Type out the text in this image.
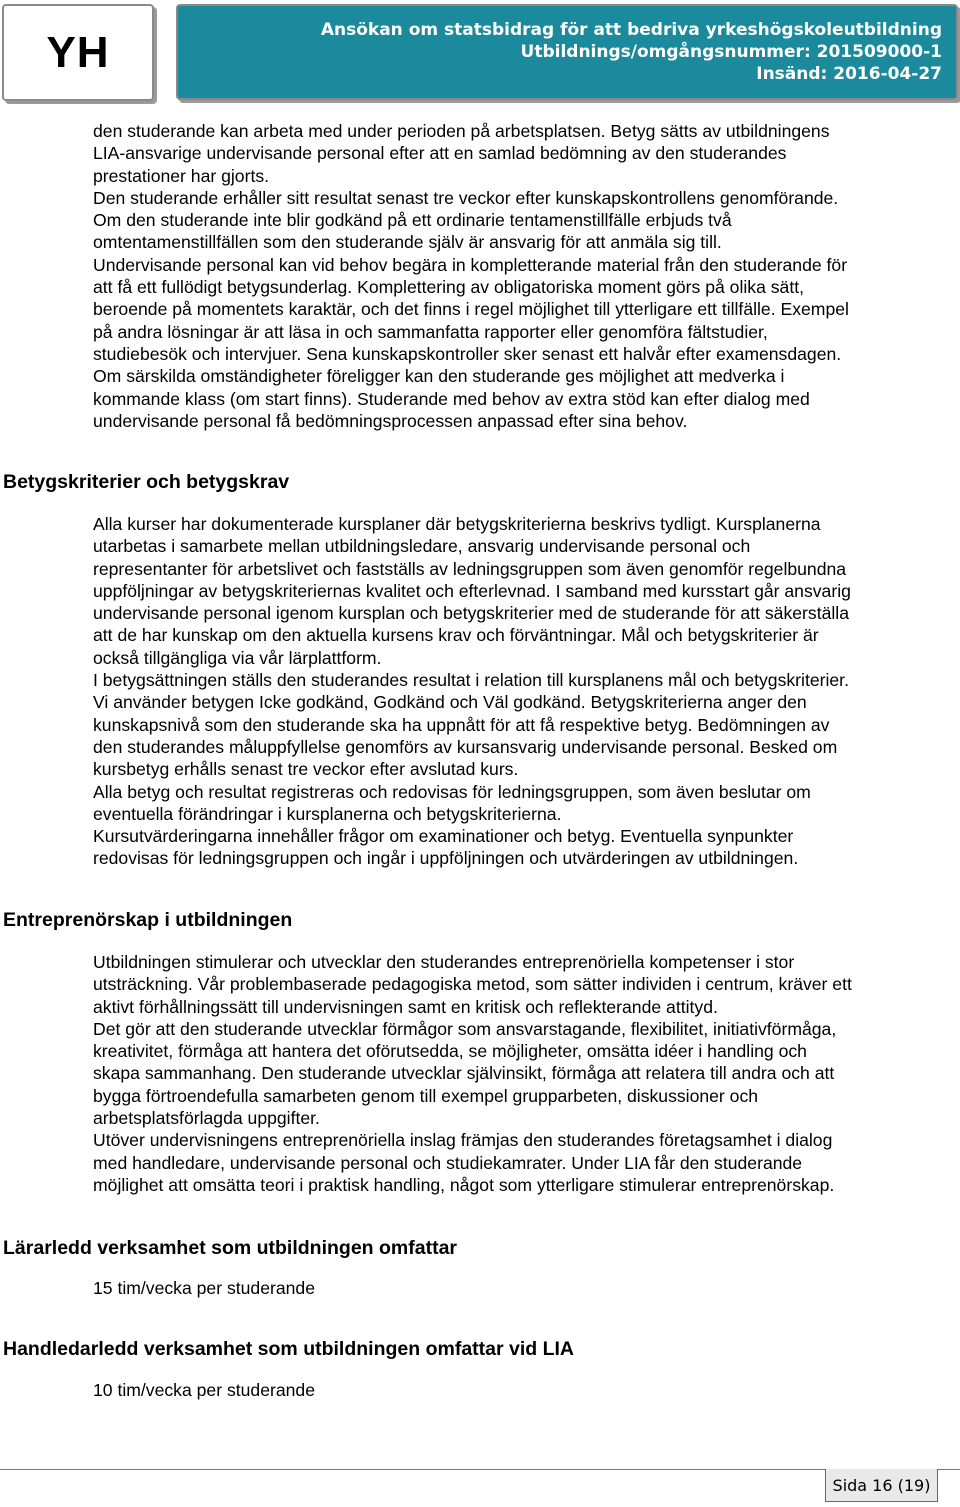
YH	Ansökan om statsbidrag för att bedriva yrkeshögskoleutbildning
Utbildnings/omgångsnummer: 201509000-1
Insänd: 2016-04-27

den studerande kan arbeta med under perioden på arbetsplatsen. Betyg sätts av utbildningens

LIA-ansvarige undervisande personal efter att en samlad bedömning av den studerandes

prestationer har gjorts.

Den studerande erhåller sitt resultat senast tre veckor efter kunskapskontrollens genomförande.

Om den studerande inte blir godkänd på ett ordinarie tentamenstillfälle erbjuds två

omtentamenstillfällen som den studerande själv är ansvarig för att anmäla sig till.

Undervisande personal kan vid behov begära in kompletterande material från den studerande för

att få ett fullödigt betygsunderlag. Komplettering av obligatoriska moment görs på olika sätt,

beroende på momentets karaktär, och det finns i regel möjlighet till ytterligare ett tillfälle. Exempel

på andra lösningar är att läsa in och sammanfatta rapporter eller genomföra fältstudier,

studiebesök och intervjuer. Sena kunskapskontroller sker senast ett halvår efter examensdagen.

Om särskilda omständigheter föreligger kan den studerande ges möjlighet att medverka i

kommande klass (om start finns). Studerande med behov av extra stöd kan efter dialog med

undervisande personal få bedömningsprocessen anpassad efter sina behov.

Betygskriterier och betygskrav

Alla kurser har dokumenterade kursplaner där betygskriterierna beskrivs tydligt. Kursplanerna

utarbetas i samarbete mellan utbildningsledare, ansvarig undervisande personal och

representanter för arbetslivet och fastställs av ledningsgruppen som även genomför regelbundna

uppföljningar av betygskriteriernas kvalitet och efterlevnad. I samband med kursstart går ansvarig

undervisande personal igenom kursplan och betygskriterier med de studerande för att säkerställa

att de har kunskap om den aktuella kursens krav och förväntningar. Mål och betygskriterier är

också tillgängliga via vår lärplattform.

I betygsättningen ställs den studerandes resultat i relation till kursplanens mål och betygskriterier.

Vi använder betygen Icke godkänd, Godkänd och Väl godkänd. Betygskriterierna anger den

kunskapsnivå som den studerande ska ha uppnått för att få respektive betyg. Bedömningen av

den studerandes måluppfyllelse genomförs av kursansvarig undervisande personal. Besked om

kursbetyg erhålls senast tre veckor efter avslutad kurs.

Alla betyg och resultat registreras och redovisas för ledningsgruppen, som även beslutar om

eventuella förändringar i kursplanerna och betygskriterierna.

Kursutvärderingarna innehåller frågor om examinationer och betyg. Eventuella synpunkter

redovisas för ledningsgruppen och ingår i uppföljningen och utvärderingen av utbildningen.

Entreprenörskap i utbildningen

Utbildningen stimulerar och utvecklar den studerandes entreprenöriella kompetenser i stor

utsträckning. Vår problembaserade pedagogiska metod, som sätter individen i centrum, kräver ett

aktivt förhållningssätt till undervisningen samt en kritisk och reflekterande attityd.

Det gör att den studerande utvecklar förmågor som ansvarstagande, flexibilitet, initiativförmåga,

kreativitet, förmåga att hantera det oförutsedda, se möjligheter, omsätta idéer i handling och

skapa sammanhang. Den studerande utvecklar självinsikt, förmåga att relatera till andra och att

bygga förtroendefulla samarbeten genom till exempel grupparbeten, diskussioner och

arbetsplatsförlagda uppgifter.

Utöver undervisningens entreprenöriella inslag främjas den studerandes företagsamhet i dialog

med handledare, undervisande personal och studiekamrater. Under LIA får den studerande

möjlighet att omsätta teori i praktisk handling, något som ytterligare stimulerar entreprenörskap.

Lärarledd verksamhet som utbildningen omfattar

15 tim/vecka per studerande

Handledarledd verksamhet som utbildningen omfattar vid LIA

10 tim/vecka per studerande

Sida 16 (19)
